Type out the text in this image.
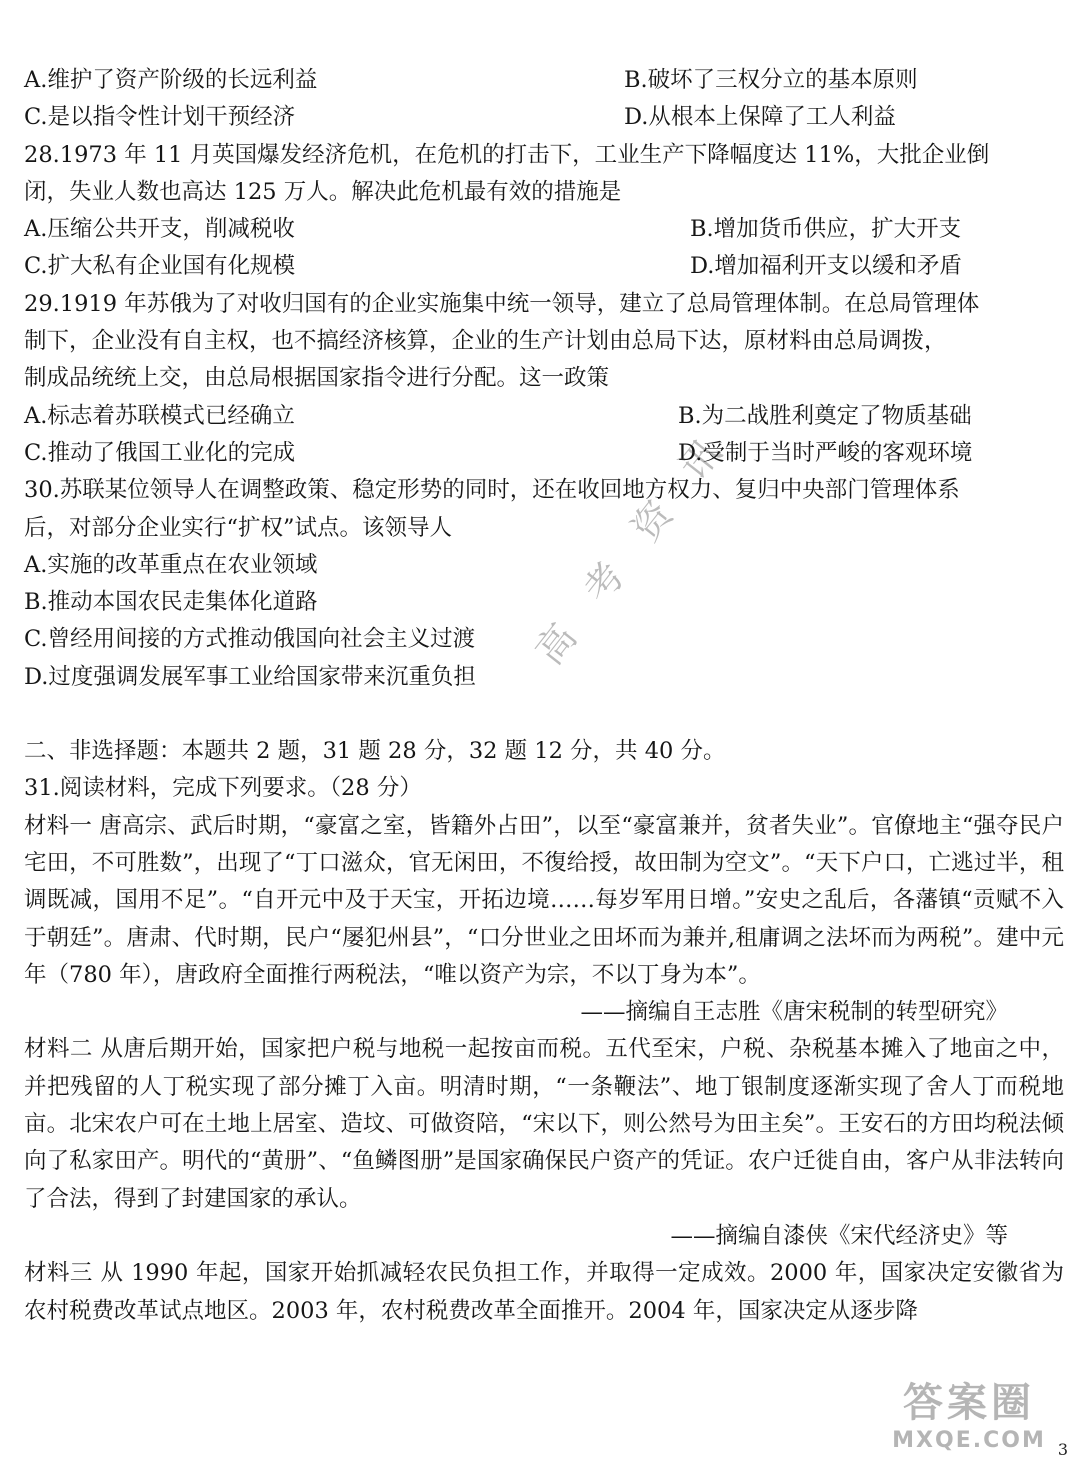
A.维护了资产阶级的长远利益	B.破坏了三权分立的基本原则
C.是以指令性计划干预经济	D.从根本上保障了工人利益
28.1973 年 11 月英国爆发经济危机，在危机的打击下，工业生产下降幅度达 11%，大批企业倒
闭，失业人数也高达 125 万人。解决此危机最有效的措施是
A.压缩公共开支，削减税收	B.增加货币供应，扩大开支
C.扩大私有企业国有化规模	D.增加福利开支以缓和矛盾
29.1919 年苏俄为了对收归国有的企业实施集中统一领导，建立了总局管理体制。在总局管理体
制下，企业没有自主权，也不搞经济核算，企业的生产计划由总局下达，原材料由总局调拨，
制成品统统上交，由总局根据国家指令进行分配。这一政策
A.标志着苏联模式已经确立	B.为二战胜利奠定了物质基础
C.推动了俄国工业化的完成	D.受制于当时严峻的客观环境
30.苏联某位领导人在调整政策、稳定形势的同时，还在收回地方权力、复归中央部门管理体系
后，对部分企业实行“扩权”试点。该领导人
A.实施的改革重点在农业领域
B.推动本国农民走集体化道路
C.曾经用间接的方式推动俄国向社会主义过渡
D.过度强调发展军事工业给国家带来沉重负担
二、非选择题：本题共 2 题，31 题 28 分，32 题 12 分，共 40 分。
31.阅读材料，完成下列要求。（28 分）
材料一 唐高宗、武后时期，“豪富之室，皆籍外占田”，以至“豪富兼并，贫者失业”。官僚地主“强夺民户宅田，不可胜数”，出现了“丁口滋众，官无闲田，不復给授，故田制为空文”。“天下户口，亡逃过半，租调既减，国用不足”。“自开元中及于天宝，开拓边境……每岁军用日增。”安史之乱后，各藩镇“贡赋不入于朝廷”。唐肃、代时期，民户“屡犯州县”，“口分世业之田坏而为兼并,租庸调之法坏而为两税”。建中元年（780 年），唐政府全面推行两税法，“唯以资产为宗，不以丁身为本”。
——摘编自王志胜《唐宋税制的转型研究》
材料二 从唐后期开始，国家把户税与地税一起按亩而税。五代至宋，户税、杂税基本摊入了地亩之中，并把残留的人丁税实现了部分摊丁入亩。明清时期，“一条鞭法”、地丁银制度逐渐实现了舍人丁而税地亩。北宋农户可在土地上居室、造坟、可做资陪，“宋以下，则公然号为田主矣”。王安石的方田均税法倾向了私家田产。明代的“黄册”、“鱼鳞图册”是国家确保民户资产的凭证。农户迁徙自由，客户从非法转向了合法，得到了封建国家的承认。
——摘编自漆侠《宋代经济史》等
材料三 从 1990 年起，国家开始抓减轻农民负担工作，并取得一定成效。2000 年，国家决定安徽省为农村税费改革试点地区。2003 年，农村税费改革全面推开。2004 年，国家决定从逐步降
高 考 资 讯
答案圈
MXQE.COM 3
